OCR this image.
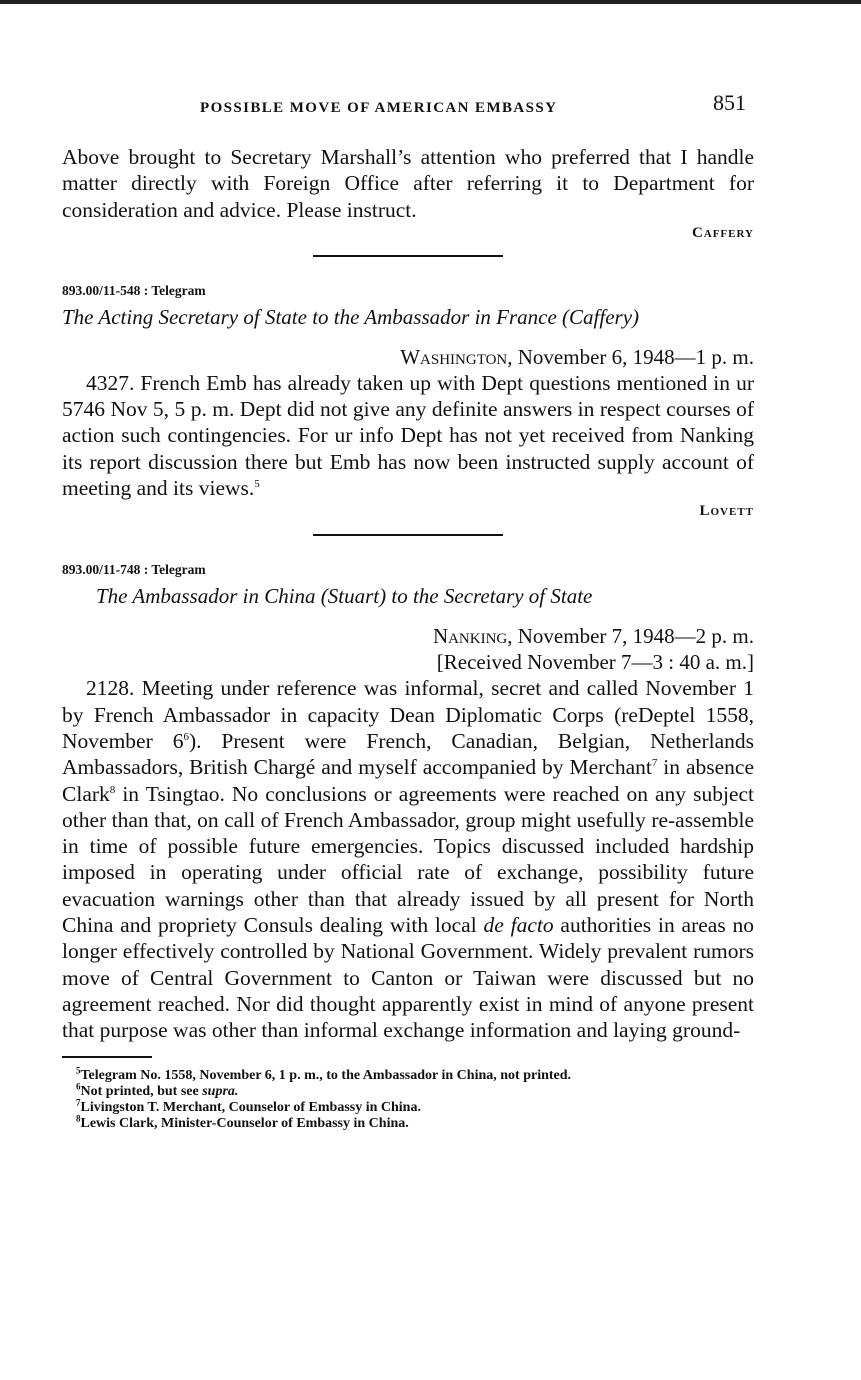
POSSIBLE MOVE OF AMERICAN EMBASSY	851

Above brought to Secretary Marshall’s attention who preferred that I handle matter directly with Foreign Office after referring it to Department for consideration and advice. Please instruct.

Caffery
893.00/11-548 : Telegram
The Acting Secretary of State to the Ambassador in France (Caffery)
Washington, November 6, 1948—1 p. m.

4327. French Emb has already taken up with Dept questions mentioned in ur 5746 Nov 5, 5 p. m. Dept did not give any definite answers in respect courses of action such contingencies. For ur info Dept has not yet received from Nanking its report discussion there but Emb has now been instructed supply account of meeting and its views.$^5$

Lovett
893.00/11-748 : Telegram
The Ambassador in China (Stuart) to the Secretary of State
Nanking, November 7, 1948—2 p. m.
[Received November 7—3 : 40 a. m.]

2128. Meeting under reference was informal, secret and called November 1 by French Ambassador in capacity Dean Diplomatic Corps (reDeptel 1558, November $6^6$). Present were French, Canadian, Belgian, Netherlands Ambassadors, British Chargé and myself accompanied by Merchant$^7$ in absence Clark$^8$ in Tsingtao. No conclusions or agreements were reached on any subject other than that, on call of French Ambassador, group might usefully re-assemble in time of possible future emergencies. Topics discussed included hardship imposed in operating under official rate of exchange, possibility future evacuation warnings other than that already issued by all present for North China and propriety Consuls dealing with local de facto authorities in areas no longer effectively controlled by National Government. Widely prevalent rumors move of Central Government to Canton or Taiwan were discussed but no agreement reached. Nor did thought apparently exist in mind of anyone present that purpose was other than informal exchange information and laying ground-

$^5$Telegram No. 1558, November 6, 1 p. m., to the Ambassador in China, not printed.

$^6$Not printed, but see supra.

$^7$Livingston T. Merchant, Counselor of Embassy in China.

$^8$Lewis Clark, Minister-Counselor of Embassy in China.
